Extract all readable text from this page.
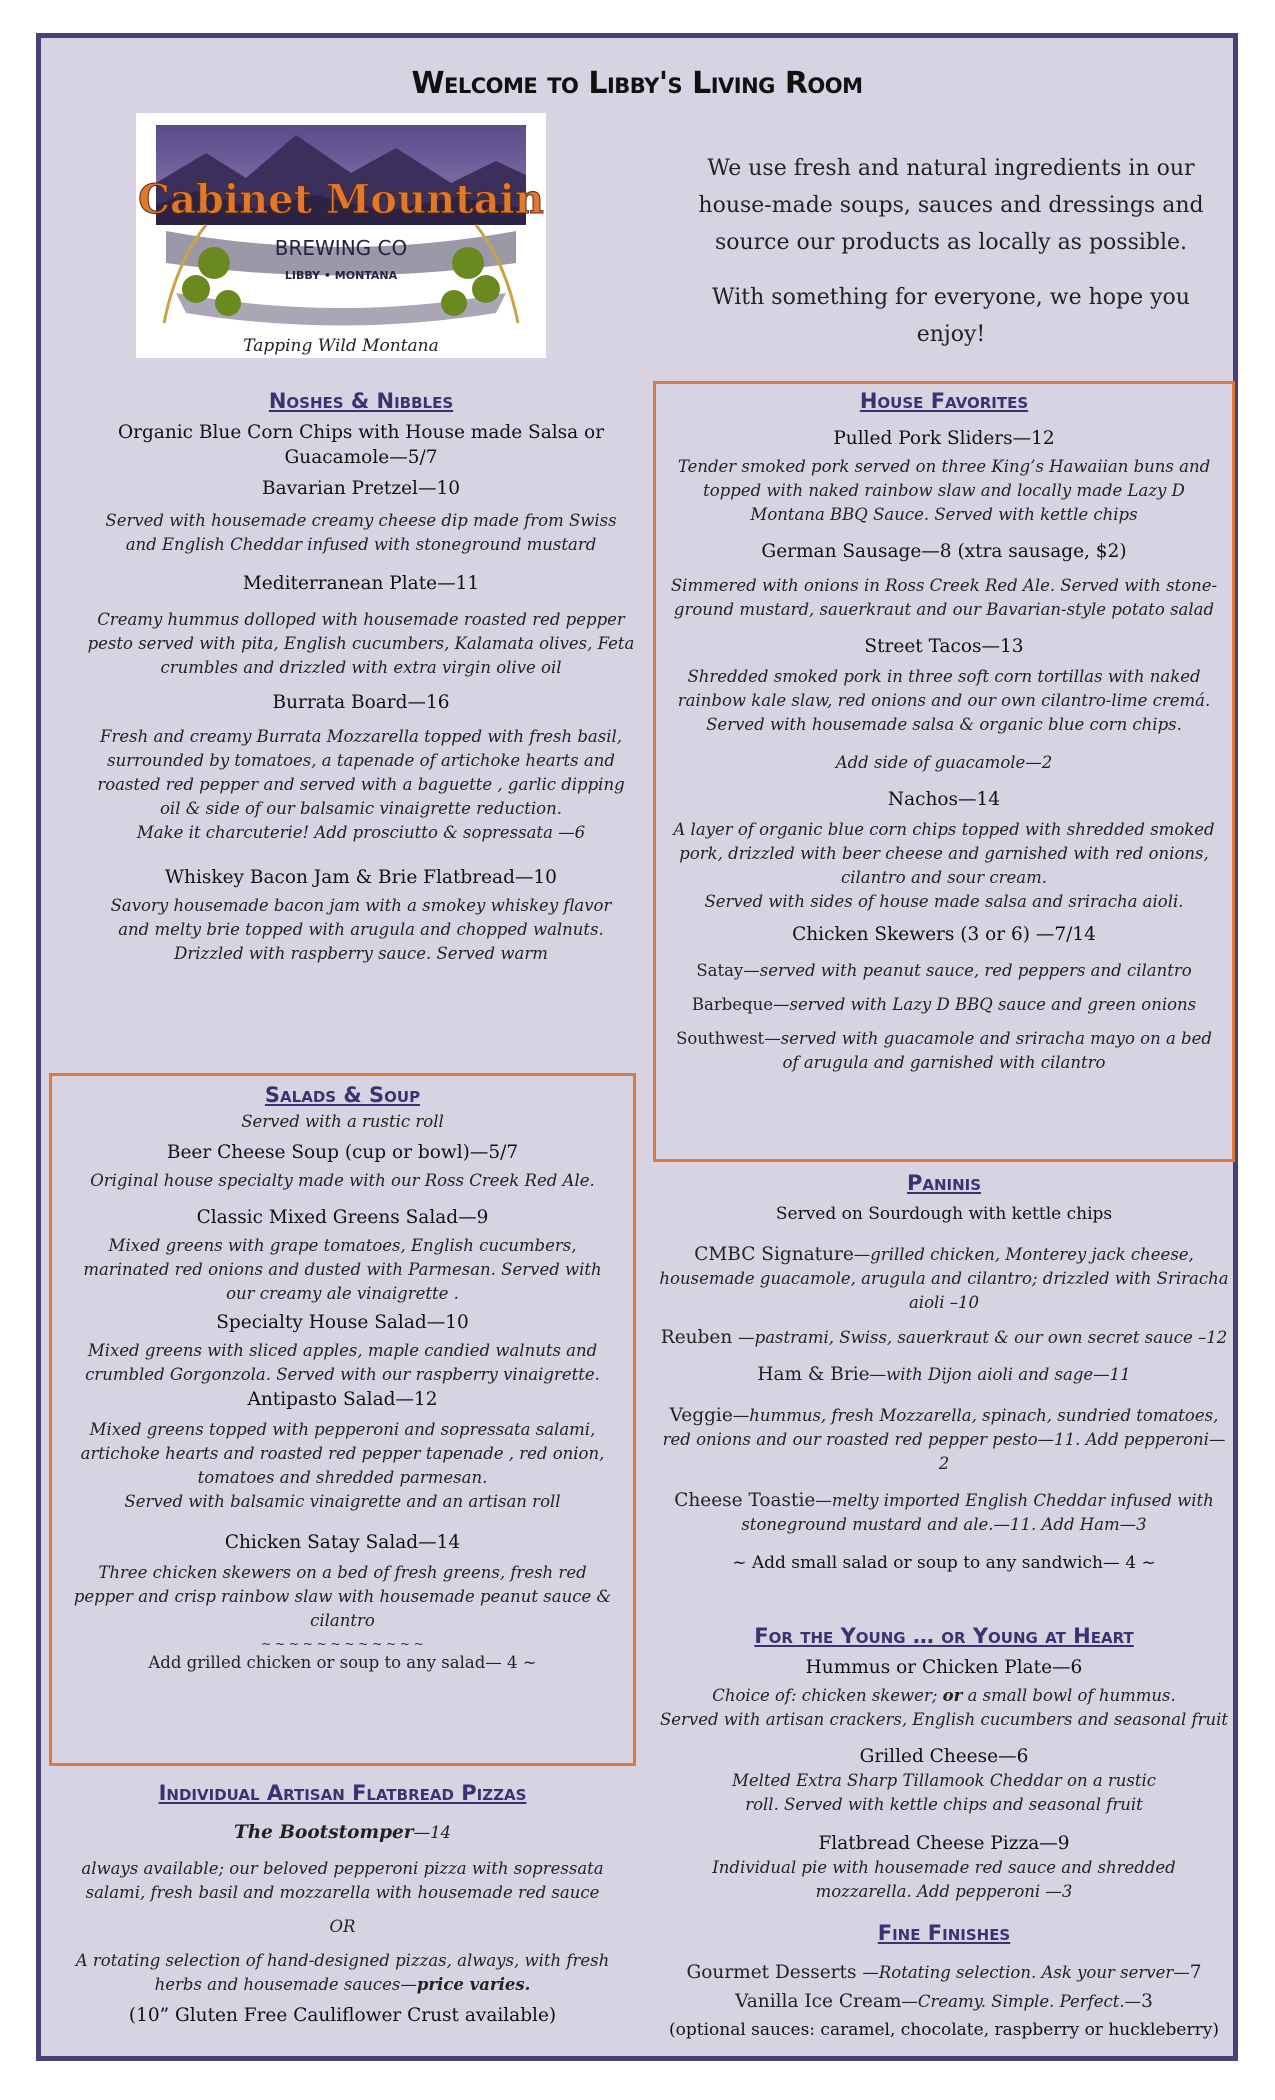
Welcome to Libby's Living Room
Cabinet Mountain
BREWING CO
LIBBY • MONTANA
Tapping Wild Montana

We use fresh and natural ingredients in our house-made soups, sauces and dressings and source our products as locally as possible.

With something for everyone, we hope you enjoy!

Noshes & Nibbles

Organic Blue Corn Chips with House made Salsa or Guacamole—5/7

Bavarian Pretzel—10

Served with housemade creamy cheese dip made from Swiss and English Cheddar infused with stoneground mustard

Mediterranean Plate—11

Creamy hummus dolloped with housemade roasted red pepper pesto served with pita, English cucumbers, Kalamata olives, Feta crumbles and drizzled with extra virgin olive oil

Burrata Board—16

Fresh and creamy Burrata Mozzarella topped with fresh basil, surrounded by tomatoes, a tapenade of artichoke hearts and roasted red pepper and served with a baguette , garlic dipping oil & side of our balsamic vinaigrette reduction.

Make it charcuterie! Add prosciutto & sopressata —6

Whiskey Bacon Jam & Brie Flatbread—10

Savory housemade bacon jam with a smokey whiskey flavor and melty brie topped with arugula and chopped walnuts. Drizzled with raspberry sauce. Served warm

Salads & Soup

Served with a rustic roll

Beer Cheese Soup (cup or bowl)—5/7

Original house specialty made with our Ross Creek Red Ale.

Classic Mixed Greens Salad—9

Mixed greens with grape tomatoes, English cucumbers, marinated red onions and dusted with Parmesan. Served with our creamy ale vinaigrette .

Specialty House Salad—10

Mixed greens with sliced apples, maple candied walnuts and crumbled Gorgonzola. Served with our raspberry vinaigrette.

Antipasto Salad—12

Mixed greens topped with pepperoni and sopressata salami, artichoke hearts and roasted red pepper tapenade , red onion, tomatoes and shredded parmesan.

Served with balsamic vinaigrette and an artisan roll

Chicken Satay Salad—14

Three chicken skewers on a bed of fresh greens, fresh red pepper and crisp rainbow slaw with housemade peanut sauce & cilantro

~ ~ ~ ~ ~ ~ ~ ~ ~ ~ ~ ~

Add grilled chicken or soup to any salad— 4 ~

Individual Artisan Flatbread Pizzas

The Bootstomper—14

always available; our beloved pepperoni pizza with sopressata salami, fresh basil and mozzarella with housemade red sauce

OR

A rotating selection of hand-designed pizzas, always, with fresh herbs and housemade sauces—price varies.

(10” Gluten Free Cauliflower Crust available)

House Favorites

Pulled Pork Sliders—12

Tender smoked pork served on three King’s Hawaiian buns and topped with naked rainbow slaw and locally made Lazy D Montana BBQ Sauce. Served with kettle chips

German Sausage—8 (xtra sausage, $2)

Simmered with onions in Ross Creek Red Ale. Served with stone-ground mustard, sauerkraut and our Bavarian-style potato salad

Street Tacos—13

Shredded smoked pork in three soft corn tortillas with naked rainbow kale slaw, red onions and our own cilantro-lime cremá. Served with housemade salsa & organic blue corn chips.

Add side of guacamole—2

Nachos—14

A layer of organic blue corn chips topped with shredded smoked pork, drizzled with beer cheese and garnished with red onions, cilantro and sour cream.

Served with sides of house made salsa and sriracha aioli.

Chicken Skewers (3 or 6) —7/14

Satay—served with peanut sauce, red peppers and cilantro

Barbeque—served with Lazy D BBQ sauce and green onions

Southwest—served with guacamole and sriracha mayo on a bed of arugula and garnished with cilantro

Paninis

Served on Sourdough with kettle chips

CMBC Signature—grilled chicken, Monterey jack cheese, housemade guacamole, arugula and cilantro; drizzled with Sriracha aioli –10

Reuben —pastrami, Swiss, sauerkraut & our own secret sauce –12

Ham & Brie—with Dijon aioli and sage—11

Veggie—hummus, fresh Mozzarella, spinach, sundried tomatoes, red onions and our roasted red pepper pesto—11. Add pepperoni—2

Cheese Toastie—melty imported English Cheddar infused with stoneground mustard and ale.—11. Add Ham—3

~ Add small salad or soup to any sandwich— 4 ~

For the Young … or Young at Heart

Hummus or Chicken Plate—6

Choice of: chicken skewer; or a small bowl of hummus.

Served with artisan crackers, English cucumbers and seasonal fruit

Grilled Cheese—6

Melted Extra Sharp Tillamook Cheddar on a rustic roll. Served with kettle chips and seasonal fruit

Flatbread Cheese Pizza—9

Individual pie with housemade red sauce and shredded mozzarella. Add pepperoni —3

Fine Finishes

Gourmet Desserts —Rotating selection. Ask your server—7

Vanilla Ice Cream—Creamy. Simple. Perfect.—3

(optional sauces: caramel, chocolate, raspberry or huckleberry)
